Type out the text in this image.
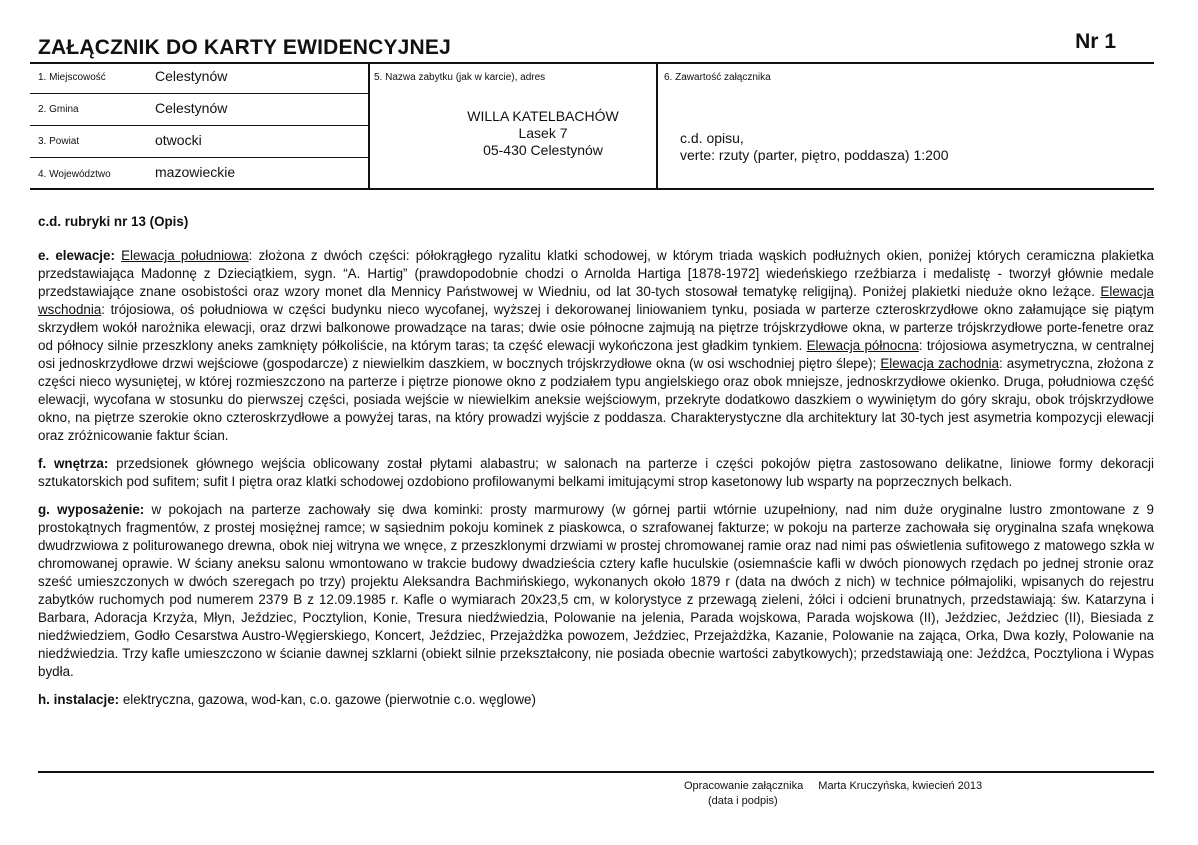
ZAŁĄCZNIK DO KARTY EWIDENCYJNEJ	Nr 1
1. Miejscowość	Celestynów
2. Gmina	Celestynów
3. Powiat	otwocki
4. Województwo	mazowieckie
5. Nazwa zabytku (jak w karcie), adres
WILLA KATELBACHÓW
Lasek 7
05-430 Celestynów
6. Zawartość załącznika
c.d. opisu,
verte: rzuty (parter, piętro, poddasza) 1:200
c.d. rubryki nr 13 (Opis)

e. elewacje: Elewacja południowa: złożona z dwóch części: półokrągłego ryzalitu klatki schodowej, w którym triada wąskich podłużnych okien, poniżej których ceramiczna plakietka przedstawiająca Madonnę z Dzieciątkiem, sygn. “A. Hartig” (prawdopodobnie chodzi o Arnolda Hartiga [1878-1972] wiedeńskiego rzeźbiarza i medalistę - tworzył głównie medale przedstawiające znane osobistości oraz wzory monet dla Mennicy Państwowej w Wiedniu, od lat 30-tych stosował tematykę religijną). Poniżej plakietki nieduże okno leżące. Elewacja wschodnia: trójosiowa, oś południowa w części budynku nieco wycofanej, wyższej i dekorowanej liniowaniem tynku, posiada w parterze czteroskrzydłowe okno załamujące się piątym skrzydłem wokół narożnika elewacji, oraz drzwi balkonowe prowadzące na taras; dwie osie północne zajmują na piętrze trójskrzydłowe okna, w parterze trójskrzydłowe porte-fenetre oraz od północy silnie przeszklony aneks zamknięty półkoliście, na którym taras; ta część elewacji wykończona jest gładkim tynkiem. Elewacja północna: trójosiowa asymetryczna, w centralnej osi jednoskrzydłowe drzwi wejściowe (gospodarcze) z niewielkim daszkiem, w bocznych trójskrzydłowe okna (w osi wschodniej piętro ślepe); Elewacja zachodnia: asymetryczna, złożona z części nieco wysuniętej, w której rozmieszczono na parterze i piętrze pionowe okno z podziałem typu angielskiego oraz obok mniejsze, jednoskrzydłowe okienko. Druga, południowa część elewacji, wycofana w stosunku do pierwszej części, posiada wejście w niewielkim aneksie wejściowym, przekryte dodatkowo daszkiem o wywiniętym do góry skraju, obok trójskrzydłowe okno, na piętrze szerokie okno czteroskrzydłowe a powyżej taras, na który prowadzi wyjście z poddasza. Charakterystyczne dla architektury lat 30-tych jest asymetria kompozycji elewacji oraz zróżnicowanie faktur ścian.

f. wnętrza: przedsionek głównego wejścia oblicowany został płytami alabastru; w salonach na parterze i części pokojów piętra zastosowano delikatne, liniowe formy dekoracji sztukatorskich pod sufitem; sufit I piętra oraz klatki schodowej ozdobiono profilowanymi belkami imitującymi strop kasetonowy lub wsparty na poprzecznych belkach.

g. wyposażenie: w pokojach na parterze zachowały się dwa kominki: prosty marmurowy (w górnej partii wtórnie uzupełniony, nad nim duże oryginalne lustro zmontowane z 9 prostokątnych fragmentów, z prostej mosiężnej ramce; w sąsiednim pokoju kominek z piaskowca, o szrafowanej fakturze; w pokoju na parterze zachowała się oryginalna szafa wnękowa dwudrzwiowa z politurowanego drewna, obok niej witryna we wnęce, z przeszklonymi drzwiami w prostej chromowanej ramie oraz nad nimi pas oświetlenia sufitowego z matowego szkła w chromowanej oprawie. W ściany aneksu salonu wmontowano w trakcie budowy dwadzieścia cztery kafle huculskie (osiemnaście kafli w dwóch pionowych rzędach po jednej stronie oraz sześć umieszczonych w dwóch szeregach po trzy) projektu Aleksandra Bachmińskiego, wykonanych około 1879 r (data na dwóch z nich) w technice półmajoliki, wpisanych do rejestru zabytków ruchomych pod numerem 2379 B z 12.09.1985 r. Kafle o wymiarach 20x23,5 cm, w kolorystyce z przewagą zieleni, żółci i odcieni brunatnych, przedstawiają: św. Katarzyna i Barbara, Adoracja Krzyża, Młyn, Jeździec, Pocztylion, Konie, Tresura niedźwiedzia, Polowanie na jelenia, Parada wojskowa, Parada wojskowa (II), Jeździec, Jeździec (II), Biesiada z niedźwiedziem, Godło Cesarstwa Austro-Węgierskiego, Koncert, Jeździec, Przejażdżka powozem, Jeździec, Przejażdżka, Kazanie, Polowanie na zająca, Orka, Dwa kozły, Polowanie na niedźwiedzia. Trzy kafle umieszczono w ścianie dawnej szklarni (obiekt silnie przekształcony, nie posiada obecnie wartości zabytkowych); przedstawiają one: Jeźdźca, Pocztyliona i Wypas bydła.

h. instalacje: elektryczna, gazowa, wod-kan, c.o. gazowe (pierwotnie c.o. węglowe)

Opracowanie załącznika Marta Kruczyńska, kwiecień 2013
(data i podpis)
